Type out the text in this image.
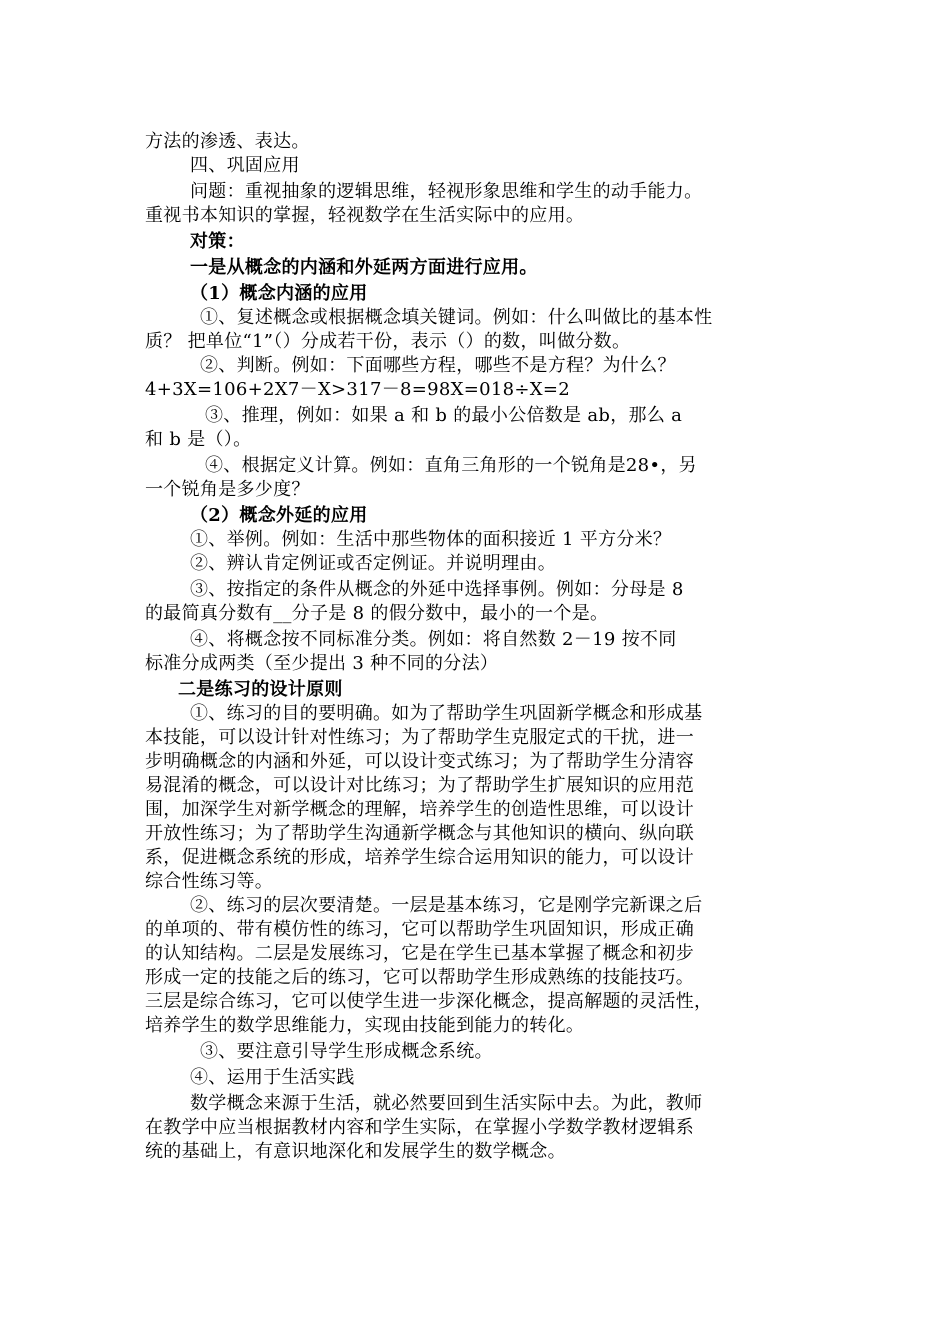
方法的渗透、表达。
四、巩固应用
问题：重视抽象的逻辑思维，轻视形象思维和学生的动手能力。
重视书本知识的掌握，轻视数学在生活实际中的应用。
对策：
一是从概念的内涵和外延两方面进行应用。
（1）概念内涵的应用
①、复述概念或根据概念填关键词。例如：什么叫做比的基本性
质？ 把单位“1”（）分成若干份，表示（）的数，叫做分数。
②、判断。例如：下面哪些方程，哪些不是方程？为什么？
4+3X=106+2X7－X>317－8=98X=018÷X=2
③、推理，例如：如果 a 和 b 的最小公倍数是 ab，那么 a
和 b 是（）。
④、根据定义计算。例如：直角三角形的一个锐角是28•，另
一个锐角是多少度？
（2）概念外延的应用
①、举例。例如：生活中那些物体的面积接近 1 平方分米？
②、辨认肯定例证或否定例证。并说明理由。
③、按指定的条件从概念的外延中选择事例。例如：分母是 8
的最简真分数有__分子是 8 的假分数中，最小的一个是。
④、将概念按不同标准分类。例如：将自然数 2－19 按不同
标准分成两类（至少提出 3 种不同的分法）
二是练习的设计原则
①、练习的目的要明确。如为了帮助学生巩固新学概念和形成基
本技能，可以设计针对性练习；为了帮助学生克服定式的干扰，进一
步明确概念的内涵和外延，可以设计变式练习；为了帮助学生分清容
易混淆的概念，可以设计对比练习；为了帮助学生扩展知识的应用范
围，加深学生对新学概念的理解，培养学生的创造性思维，可以设计
开放性练习；为了帮助学生沟通新学概念与其他知识的横向、纵向联
系，促进概念系统的形成，培养学生综合运用知识的能力，可以设计
综合性练习等。
②、练习的层次要清楚。一层是基本练习，它是刚学完新课之后
的单项的、带有模仿性的练习，它可以帮助学生巩固知识，形成正确
的认知结构。二层是发展练习，它是在学生已基本掌握了概念和初步
形成一定的技能之后的练习，它可以帮助学生形成熟练的技能技巧。
三层是综合练习，它可以使学生进一步深化概念，提高解题的灵活性，
培养学生的数学思维能力，实现由技能到能力的转化。
③、要注意引导学生形成概念系统。
④、运用于生活实践
数学概念来源于生活，就必然要回到生活实际中去。为此，教师
在教学中应当根据教材内容和学生实际，在掌握小学数学教材逻辑系
统的基础上，有意识地深化和发展学生的数学概念。
